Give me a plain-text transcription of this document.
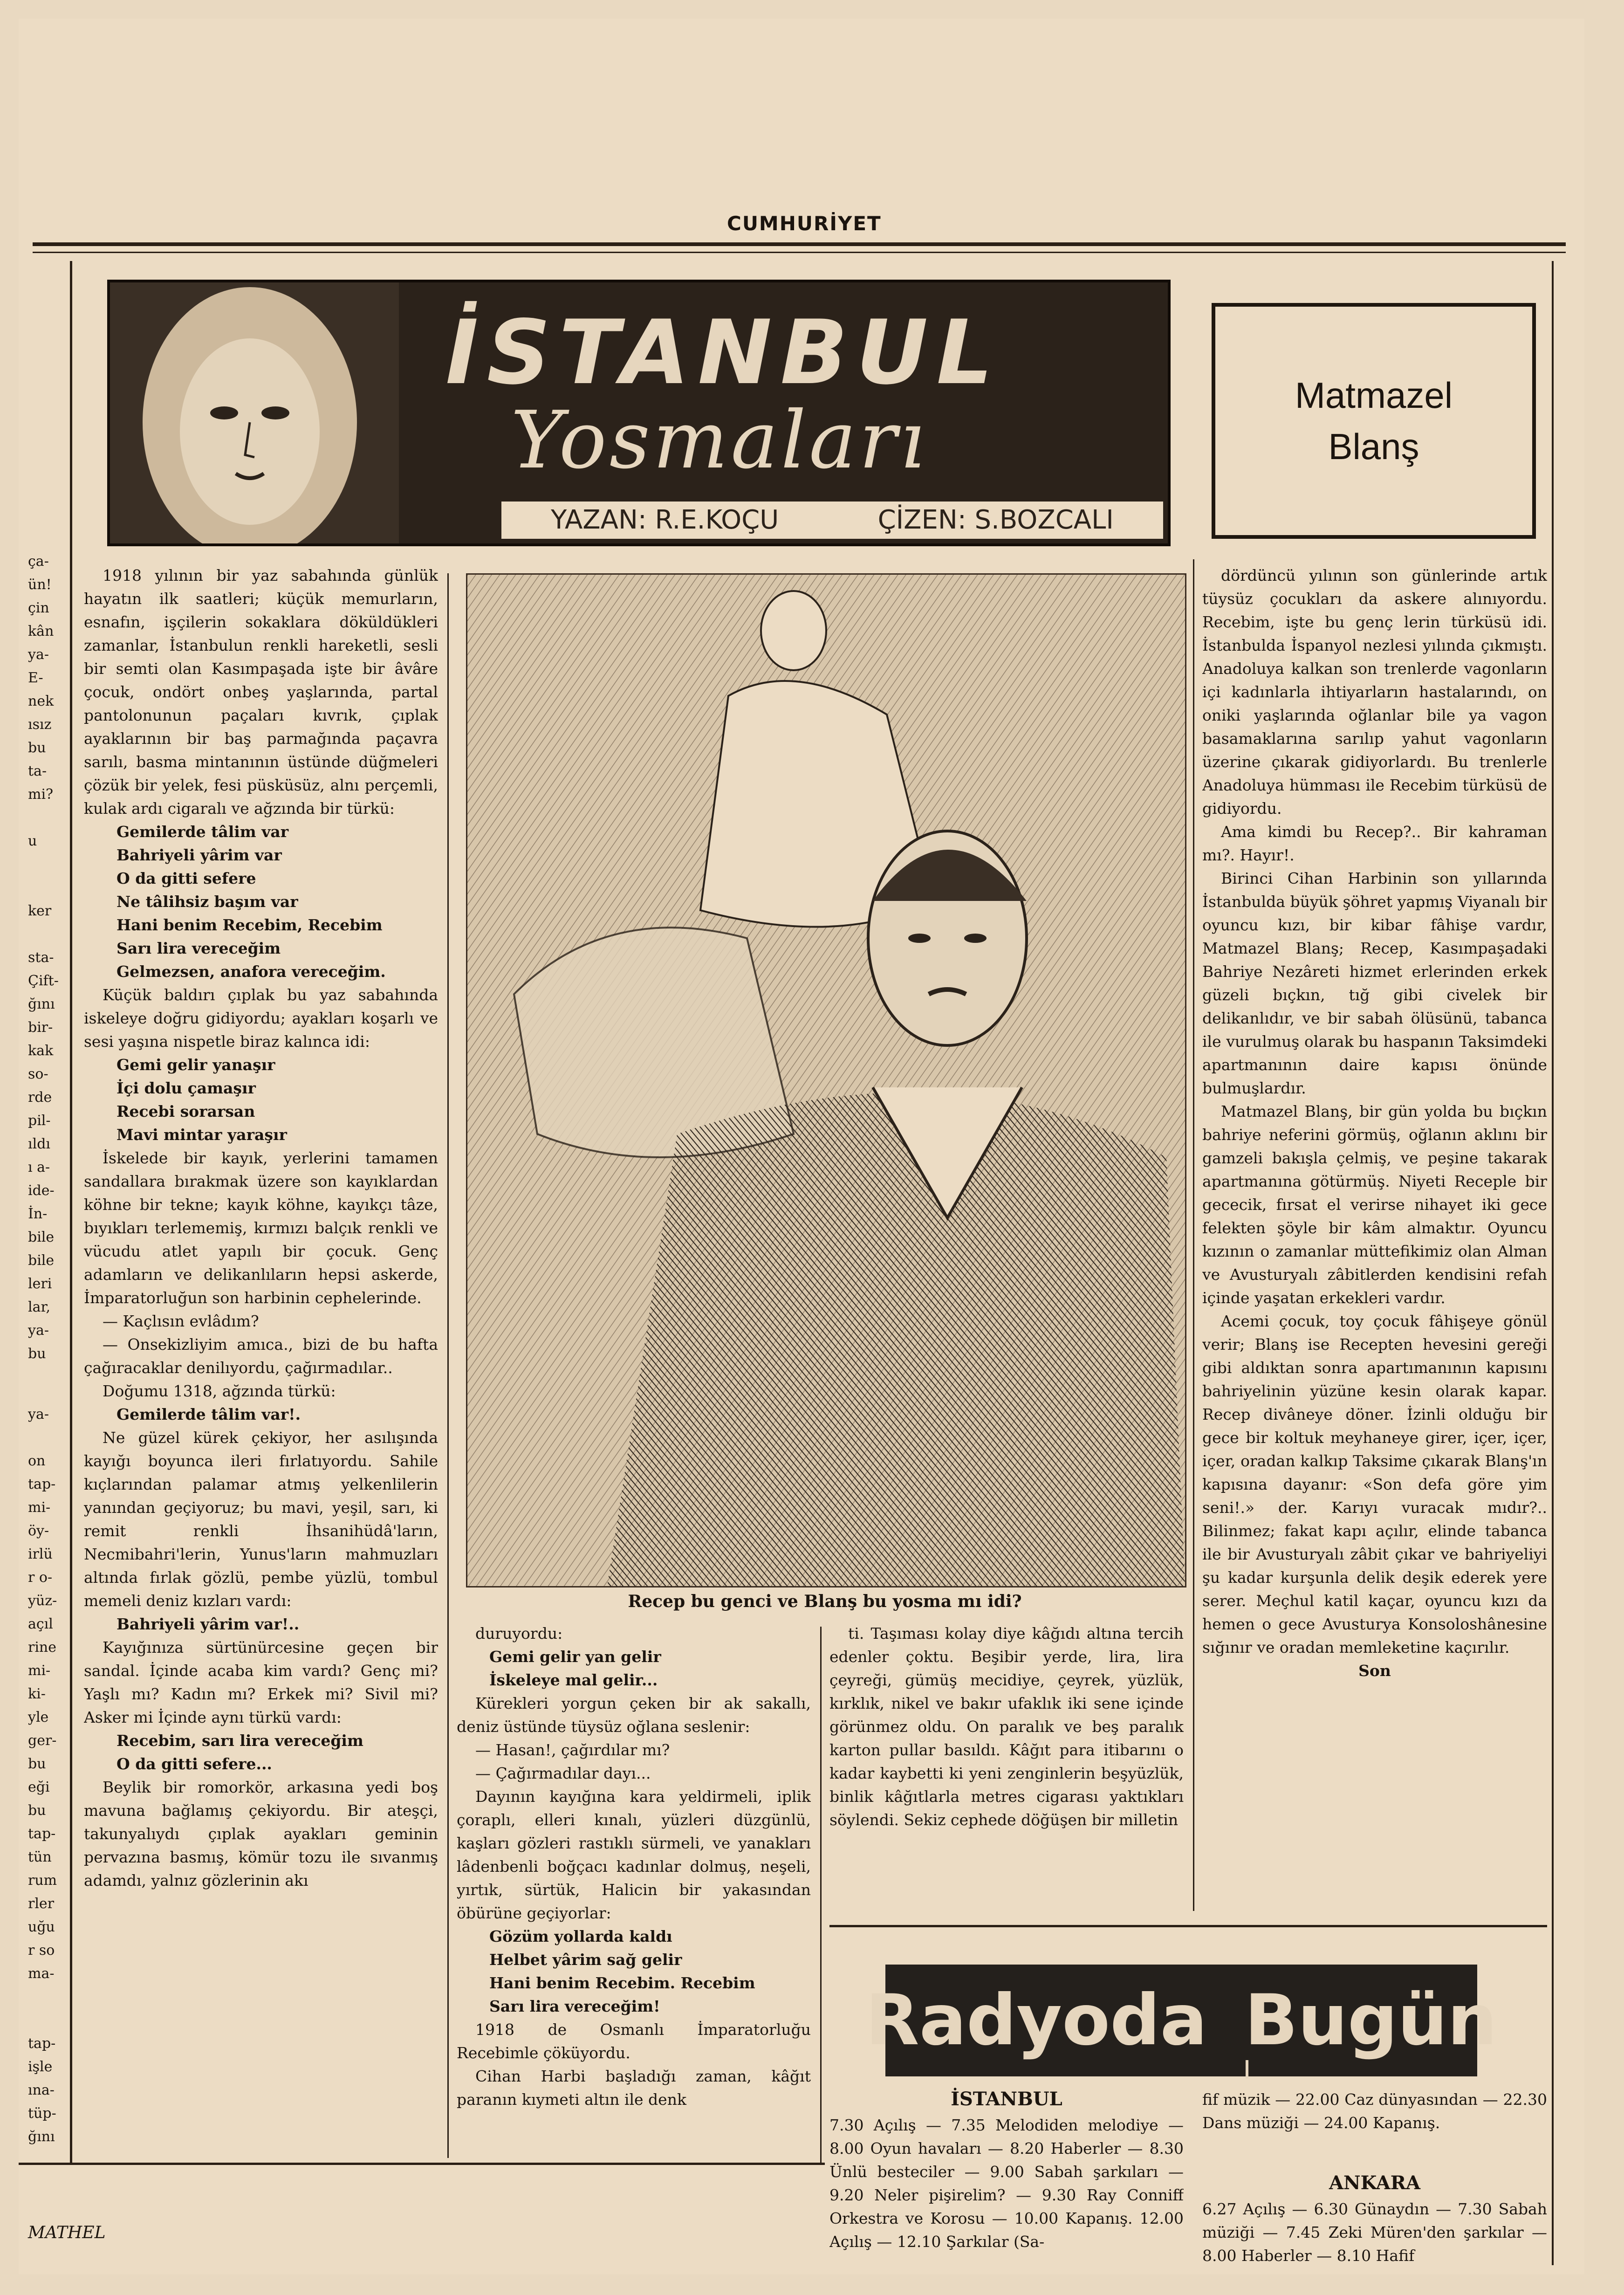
CUMHURİYET
İSTANBUL
Yosmaları
YAZAN: R.E.KOÇU	ÇİZEN: S.BOZCALI
Matmazel
Blanş
ça-
ün!
çin
kân
ya-
E-
nek
ısız
bu
ta-
mi?

u

ker

sta-
Çift-
ğını
bir-
kak
so-
rde
pil-
ıldı
ı a-
ide-
İn-
bile
bile
leri
lar,
ya-
bu
ya-

on
tap-
mi-
öy-
irlü
r o-
yüz-
açıl
rine
mi-
ki-
yle
ger-
bu
eği
bu
tap-
tün
rum
rler
uğu
r so
ma-

tap-
işle
ına-
tüp-
ğını

1918 yılının bir yaz sabahında günlük hayatın ilk saatleri; küçük memurların, esnafın, işçilerin sokaklara döküldükleri zamanlar, İstanbulun renkli hareketli, sesli bir semti olan Kasımpaşada işte bir âvâre çocuk, ondört onbeş yaşlarında, partal pantolonunun paçaları kıvrık, çıplak ayaklarının bir baş parmağında paçavra sarılı, basma mintanının üstünde düğmeleri çözük bir yelek, fesi püsküsüz, alnı perçemli, kulak ardı cigaralı ve ağzında bir türkü:

Gemilerde tâlim var

Bahriyeli yârim var

O da gitti sefere

Ne tâlihsiz başım var

Hani benim Recebim, Recebim

Sarı lira vereceğim

Gelmezsen, anafora vereceğim.

Küçük baldırı çıplak bu yaz sabahında iskeleye doğru gidiyordu; ayakları koşarlı ve sesi yaşına nispetle biraz kalınca idi:

Gemi gelir yanaşır

İçi dolu çamaşır

Recebi sorarsan

Mavi mintar yaraşır

İskelede bir kayık, yerlerini tamamen sandallara bırakmak üzere son kayıklardan köhne bir tekne; kayık köhne, kayıkçı tâze, bıyıkları terlememiş, kırmızı balçık renkli ve vücudu atlet yapılı bir çocuk. Genç adamların ve delikanlıların hepsi askerde, İmparatorluğun son harbinin cephelerinde.

— Kaçlısın evlâdım?

— Onsekizliyim amıca., bizi de bu hafta çağıracaklar denilıyordu, çağırmadılar..

Doğumu 1318, ağzında türkü:

Gemilerde tâlim var!.

Ne güzel kürek çekiyor, her asılışında kayığı boyunca ileri fırlatıyordu. Sahile kıçlarından palamar atmış yelkenlilerin yanından geçiyoruz; bu mavi, yeşil, sarı, ki remit renkli İhsanihüdâ'ların, Necmibahri'lerin, Yunus'ların mahmuzları altında fırlak gözlü, pembe yüzlü, tombul memeli deniz kızları vardı:

Bahriyeli yârim var!..

Kayığınıza sürtünürcesine geçen bir sandal. İçinde acaba kim vardı? Genç mi? Yaşlı mı? Kadın mı? Erkek mi? Sivil mi? Asker mi İçinde aynı türkü vardı:

Recebim, sarı lira vereceğim

O da gitti sefere...

Beylik bir romorkör, arkasına yedi boş mavuna bağlamış çekiyordu. Bir ateşçi, takunyalıydı çıplak ayakları geminin pervazına basmış, kömür tozu ile sıvanmış adamdı, yalnız gözlerinin akı

Recep bu genci ve Blanş bu yosma mı idi?

duruyordu:

Gemi gelir yan gelir

İskeleye mal gelir...

Kürekleri yorgun çeken bir ak sakallı, deniz üstünde tüysüz oğlana seslenir:

— Hasan!, çağırdılar mı?

— Çağırmadılar dayı...

Dayının kayığına kara yeldirmeli, iplik çoraplı, elleri kınalı, yüzleri düzgünlü, kaşları gözleri rastıklı sürmeli, ve yanakları lâdenbenli boğçacı kadınlar dolmuş, neşeli, yırtık, sürtük, Halicin bir yakasından öbürüne geçiyorlar:

Gözüm yollarda kaldı

Helbet yârim sağ gelir

Hani benim Recebim. Recebim

Sarı lira vereceğim!

1918 de Osmanlı İmparatorluğu Recebimle çöküyordu.

Cihan Harbi başladığı zaman, kâğıt paranın kıymeti altın ile denk

ti. Taşıması kolay diye kâğıdı altına tercih edenler çoktu. Beşibir yerde, lira, lira çeyreği, gümüş mecidiye, çeyrek, yüzlük, kırklık, nikel ve bakır ufaklık iki sene içinde görünmez oldu. On paralık ve beş paralık karton pullar basıldı. Kâğıt para itibarını o kadar kaybetti ki yeni zenginlerin beşyüzlük, binlik kâğıtlarla metres cigarası yaktıkları söylendi. Sekiz cephede döğüşen bir milletin

dördüncü yılının son günlerinde artık tüysüz çocukları da askere alınıyordu. Recebim, işte bu genç lerin türküsü idi. İstanbulda İspanyol nezlesi yılında çıkmıştı. Anadoluya kalkan son trenlerde vagonların içi kadınlarla ihtiyarların hastalarındı, on oniki yaşlarında oğlanlar bile ya vagon basamaklarına sarılıp yahut vagonların üzerine çıkarak gidiyorlardı. Bu trenlerle Anadoluya hümması ile Recebim türküsü de gidiyordu.

Ama kimdi bu Recep?.. Bir kahraman mı?. Hayır!.

Birinci Cihan Harbinin son yıllarında İstanbulda büyük şöhret yapmış Viyanalı bir oyuncu kızı, bir kibar fâhişe vardır, Matmazel Blanş; Recep, Kasımpaşadaki Bahriye Nezâreti hizmet erlerinden erkek güzeli bıçkın, tığ gibi civelek bir delikanlıdır, ve bir sabah ölüsünü, tabanca ile vurulmuş olarak bu haspanın Taksimdeki apartmanının daire kapısı önünde bulmuşlardır.

Matmazel Blanş, bir gün yolda bu bıçkın bahriye neferini görmüş, oğlanın aklını bir gamzeli bakışla çelmiş, ve peşine takarak apartmanına götürmüş. Niyeti Receple bir gececik, fırsat el verirse nihayet iki gece felekten şöyle bir kâm almaktır. Oyuncu kızının o zamanlar müttefikimiz olan Alman ve Avusturyalı zâbitlerden kendisini refah içinde yaşatan erkekleri vardır.

Acemi çocuk, toy çocuk fâhişeye gönül verir; Blanş ise Recepten hevesini gereği gibi aldıktan sonra apartımanının kapısını bahriyelinin yüzüne kesin olarak kapar. Recep divâneye döner. İzinli olduğu bir gece bir koltuk meyhaneye girer, içer, içer, içer, oradan kalkıp Taksime çıkarak Blanş'ın kapısına dayanır: «Son defa göre yim seni!.» der. Karıyı vuracak mıdır?.. Bilinmez; fakat kapı açılır, elinde tabanca ile bir Avusturyalı zâbit çıkar ve bahriyeliyi şu kadar kurşunla delik deşik ederek yere serer. Meçhul katil kaçar, oyuncu kızı da hemen o gece Avusturya Konsoloshânesine sığınır ve oradan memleketine kaçırılır.

Son

Radyoda Bugün
İSTANBUL
7.30 Açılış — 7.35 Melodiden melodiye — 8.00 Oyun havaları — 8.20 Haberler — 8.30 Ünlü besteciler — 9.00 Sabah şarkıları — 9.20 Neler pişirelim? — 9.30 Ray Conniff Orkestra ve Korosu — 10.00 Kapanış. 12.00 Açılış — 12.10 Şarkılar (Sa-
fif müzik — 22.00 Caz dünyasından — 22.30 Dans müziği — 24.00 Kapanış.
ANKARA
6.27 Açılış — 6.30 Günaydın — 7.30 Sabah müziği — 7.45 Zeki Müren'den şarkılar — 8.00 Haberler — 8.10 Hafif
MATHEL
